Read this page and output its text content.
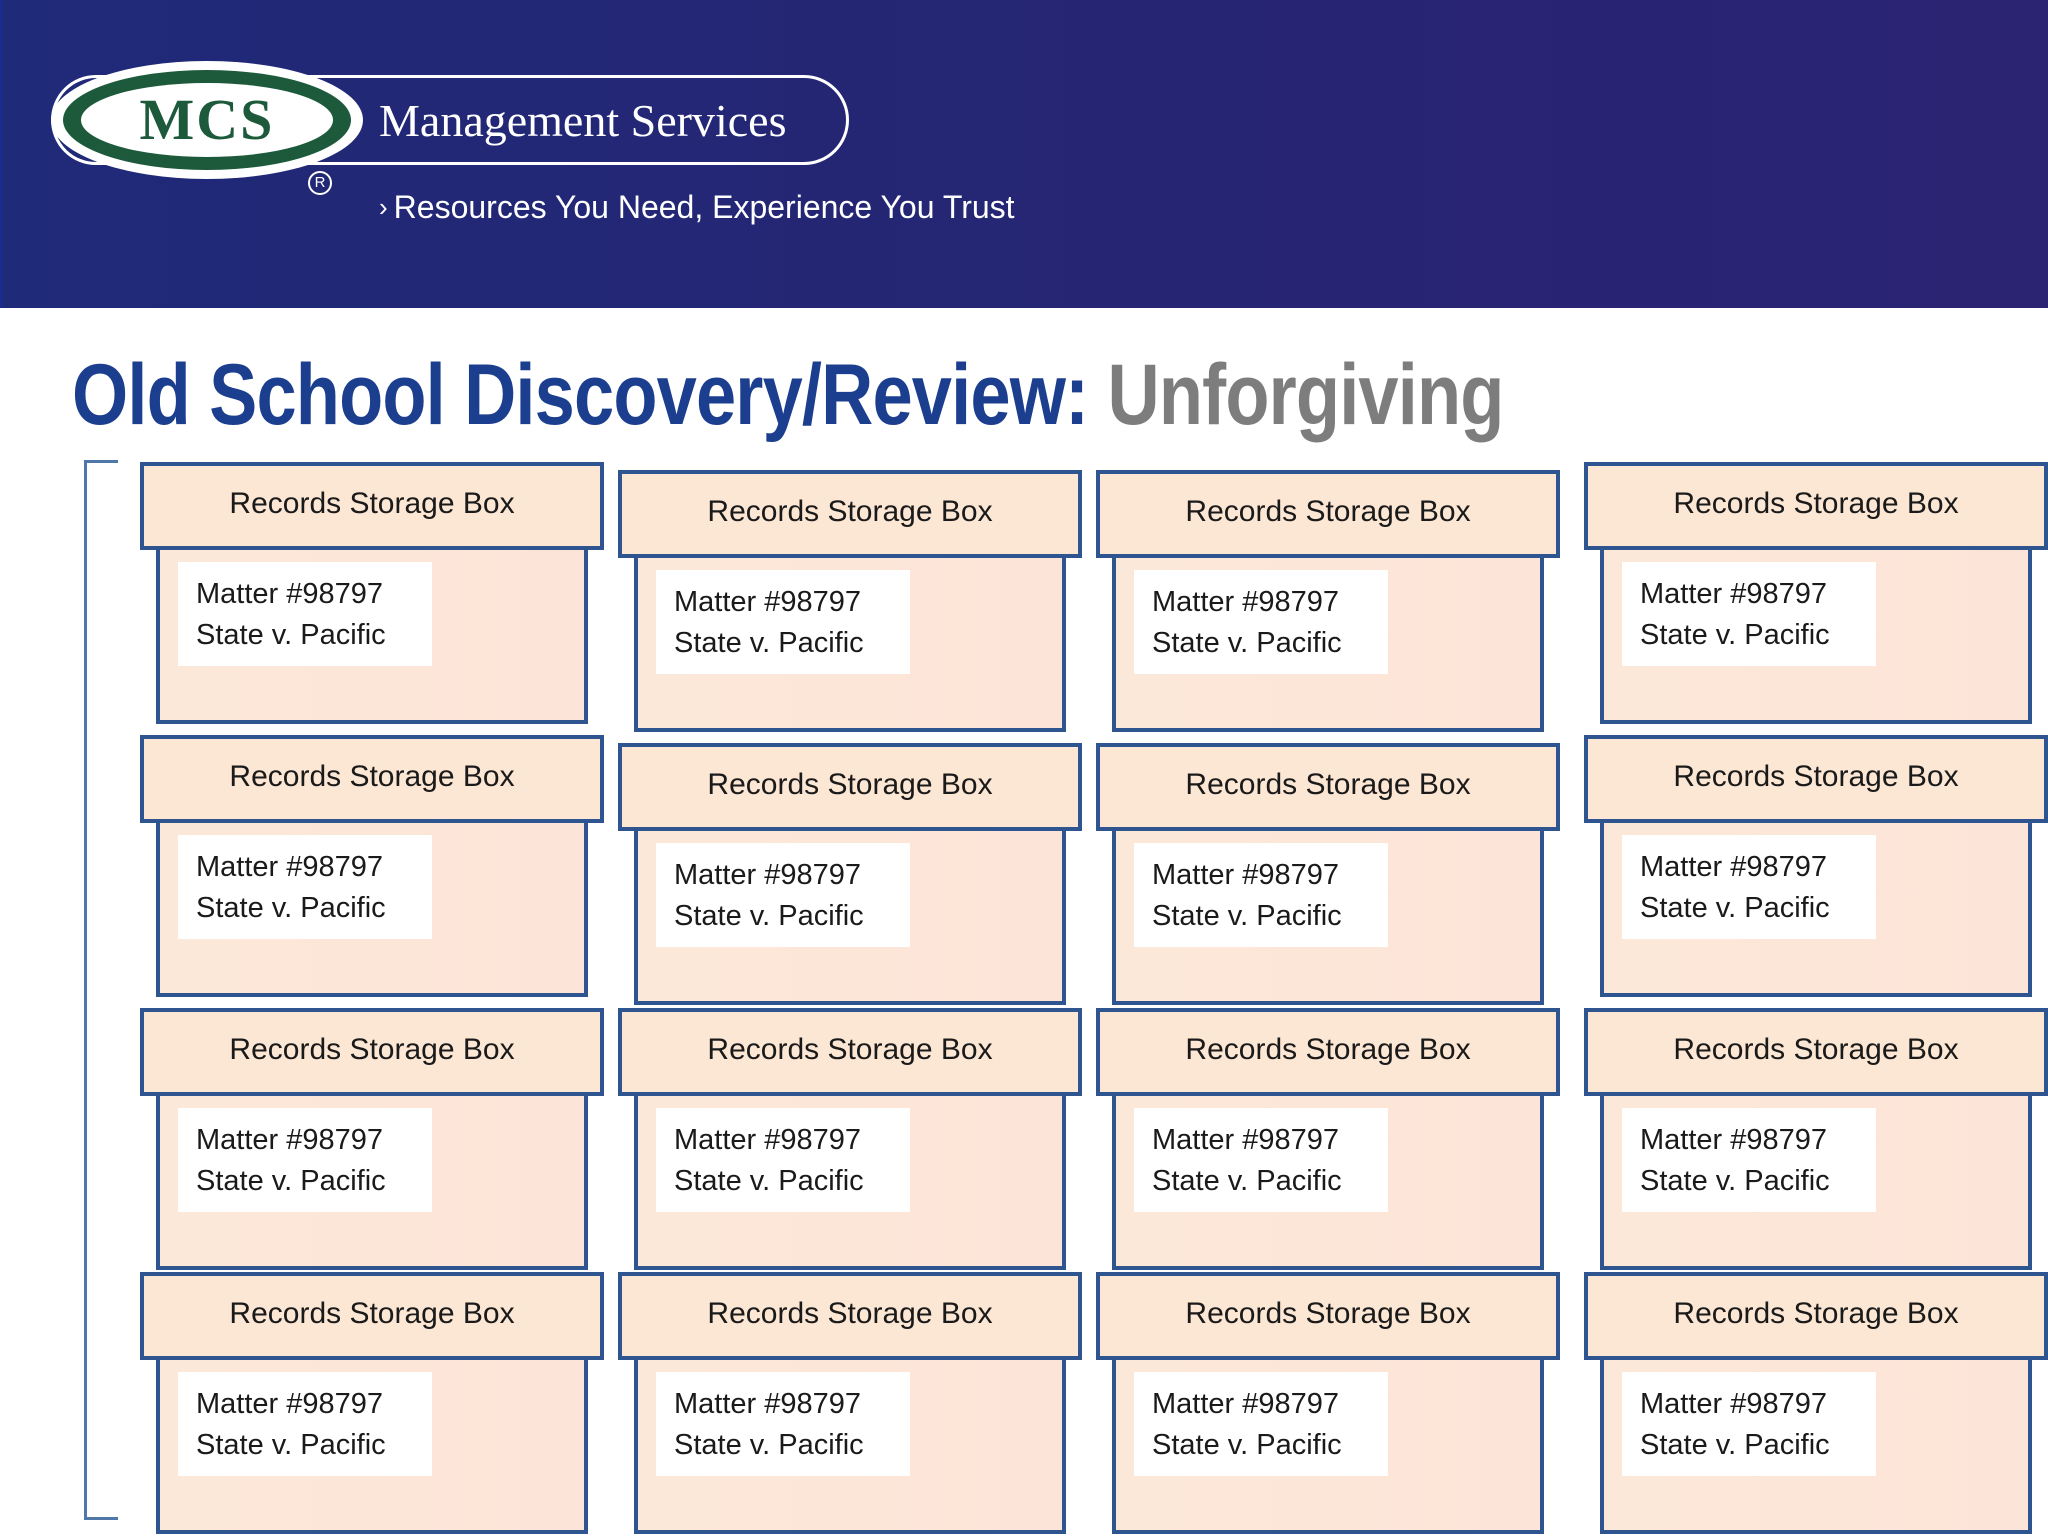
MCS
R
Management Services
› Resources You Need, Experience You Trust
Old School Discovery/Review: Unforgiving
Records Storage Box
Matter #98797
State v. Pacific
Records Storage Box
Matter #98797
State v. Pacific
Records Storage Box
Matter #98797
State v. Pacific
Records Storage Box
Matter #98797
State v. Pacific
Records Storage Box
Matter #98797
State v. Pacific
Records Storage Box
Matter #98797
State v. Pacific
Records Storage Box
Matter #98797
State v. Pacific
Records Storage Box
Matter #98797
State v. Pacific
Records Storage Box
Matter #98797
State v. Pacific
Records Storage Box
Matter #98797
State v. Pacific
Records Storage Box
Matter #98797
State v. Pacific
Records Storage Box
Matter #98797
State v. Pacific
Records Storage Box
Matter #98797
State v. Pacific
Records Storage Box
Matter #98797
State v. Pacific
Records Storage Box
Matter #98797
State v. Pacific
Records Storage Box
Matter #98797
State v. Pacific
